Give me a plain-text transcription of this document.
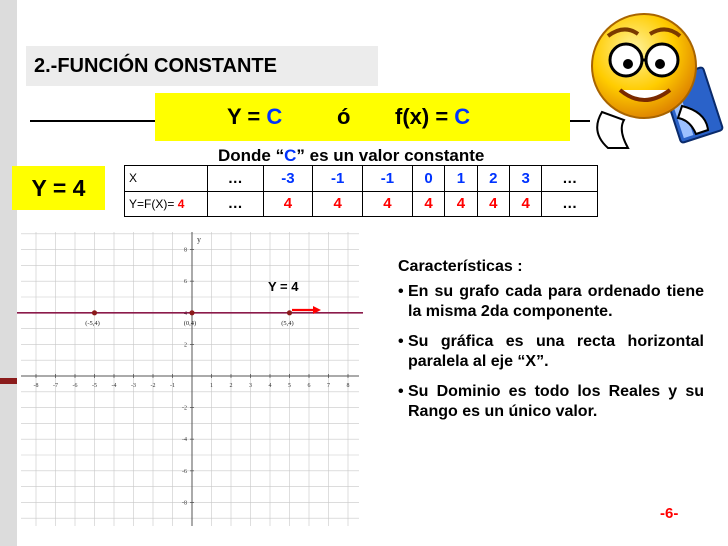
2.-FUNCIÓN CONSTANTE
Y = C ó f(x) = C
Donde “C” es un valor constante
Y = 4	X	…	-3	-1	-1	0	1	2	3	…
Y=F(X)= 4	…	4	4	4	4	4	4	4	…
y
-8 -7 -6 -5 -4 -3 -2 -1	1	2	3	4	5	6	7	8
8
6
4
2
-2
-4
-6
-8
(-5,4)	(0,4)	(5,4)
Y = 4

Características :

• En su grafo cada para ordenado tiene la misma 2da componente.

• Su gráfica es una recta horizontal paralela al eje “X”.

• Su Dominio es todo los Reales y su Rango es un único valor.

-6-
